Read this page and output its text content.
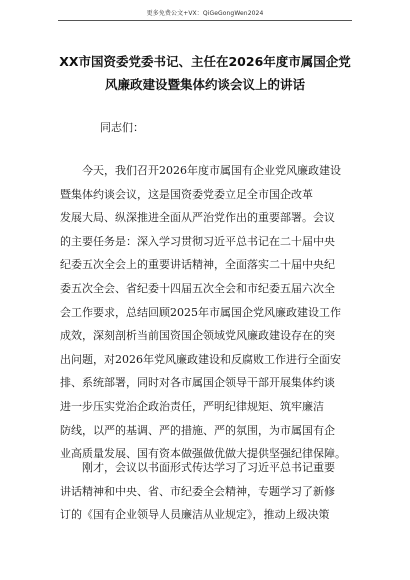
更多免费公文+VX：QiGeGongWen2024
XX市国资委党委书记、主任在2026年度市属国企党
风廉政建设暨集体约谈会议上的讲话
同志们：
今天，我们召开2026年度市属国有企业党风廉政建设
暨集体约谈会议，这是国资委党委立足全市国企改革
发展大局、纵深推进全面从严治党作出的重要部署。会议
的主要任务是：深入学习贯彻习近平总书记在二十届中央
纪委五次全会上的重要讲话精神，全面落实二十届中央纪
委五次全会、省纪委十四届五次全会和市纪委五届六次全
会工作要求，总结回顾2025年市属国企党风廉政建设工作
成效，深刻剖析当前国资国企领域党风廉政建设存在的突
出问题，对2026年党风廉政建设和反腐败工作进行全面安
排、系统部署，同时对各市属国企领导干部开展集体约谈
进一步压实党治企政治责任，严明纪律规矩、筑牢廉洁
防线，以严的基调、严的措施、严的氛围，为市属国有企
业高质量发展、国有资本做强做优做大提供坚强纪律保障。
刚才，会议以书面形式传达学习了习近平总书记重要
讲话精神和中央、省、市纪委全会精神，专题学习了新修
订的《国有企业领导人员廉洁从业规定》，推动上级决策
